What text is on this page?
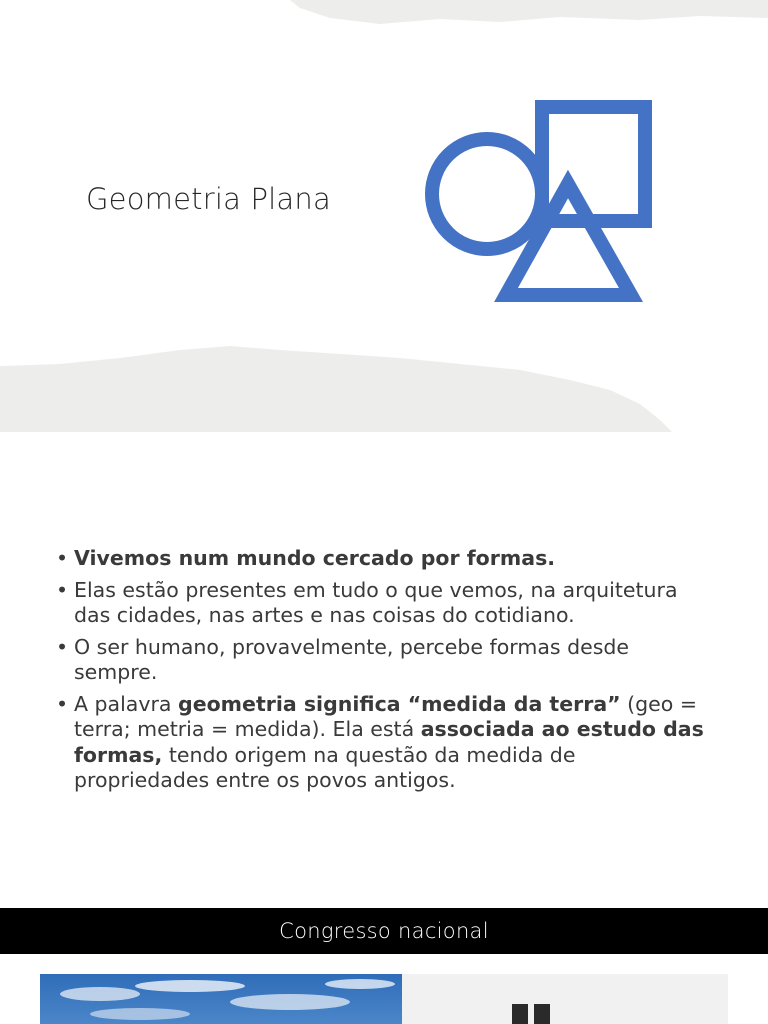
Geometria Plana
• Vivemos num mundo cercado por formas.
• Elas estão presentes em tudo o que vemos, na arquitetura das cidades, nas artes e nas coisas do cotidiano.
• O ser humano, provavelmente, percebe formas desde sempre.
• A palavra geometria significa “medida da terra” (geo = terra; metria = medida). Ela está associada ao estudo das formas, tendo origem na questão da medida de propriedades entre os povos antigos.
Congresso nacional
